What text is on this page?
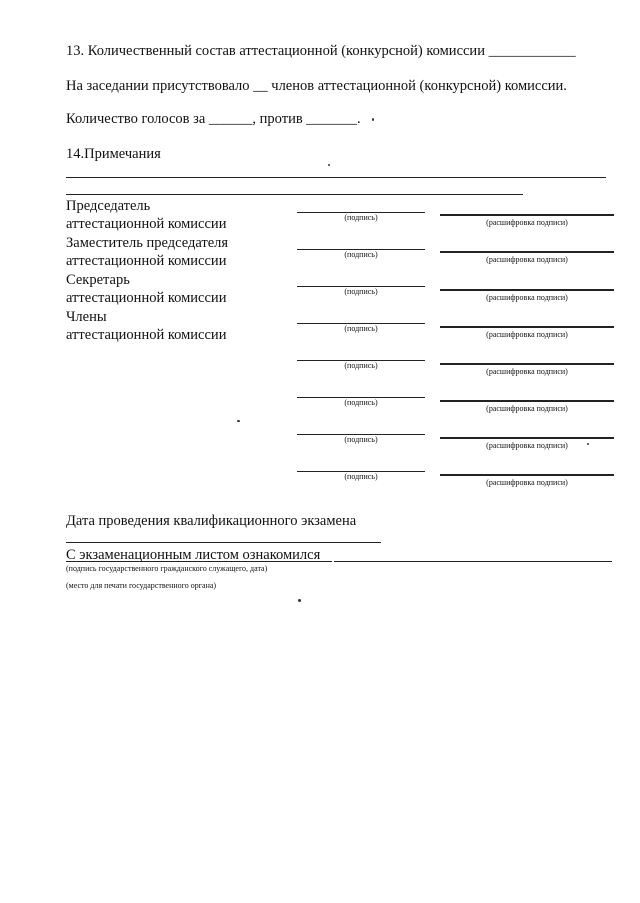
13. Количественный состав аттестационной (конкурсной) комиссии ____________
На заседании присутствовало __ членов аттестационной (конкурсной) комиссии.
Количество голосов за ______, против _______.
14.Примечания
Председатель
аттестационной комиссии
Заместитель председателя
аттестационной комиссии
Секретарь
аттестационной комиссии
Члены
аттестационной комиссии
(подпись)
(расшифровка подписи)
(подпись)
(расшифровка подписи)
(подпись)
(расшифровка подписи)
(подпись)
(расшифровка подписи)
(подпись)
(расшифровка подписи)
(подпись)
(расшифровка подписи)
(подпись)
(расшифровка подписи)
(подпись)
(расшифровка подписи)
Дата проведения квалификационного экзамена
С экзаменационным листом ознакомился
(подпись государственного гражданского служащего, дата)
(место для печати государственного органа)
